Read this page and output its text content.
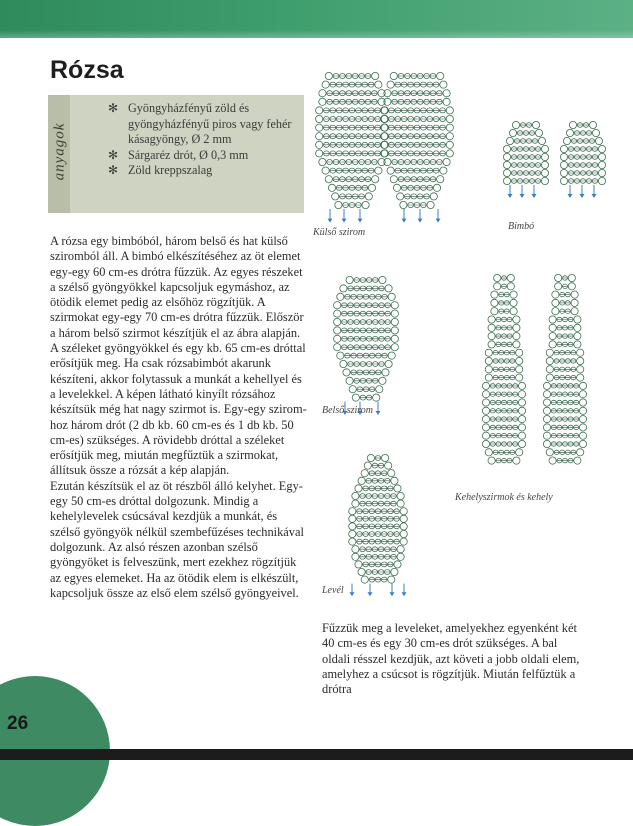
Rózsa
anyagok
✻ Gyöngyházfényű zöld és gyöngyházfényű piros vagy fehér kásagyöngy, Ø 2 mm
✻ Sárgaréz drót, Ø 0,3 mm
✻ Zöld kreppszalag

A rózsa egy bimbóból, három belső és hat külső sziromból áll. A bimbó elkészítéséhez az öt elemet egy-egy 60 cm-es drótra fűzzük. Az egyes részeket a szélső gyöngyökkel kapcsoljuk egymáshoz, az ötödik elemet pedig az elsőhöz rögzítjük. A szirmokat egy-egy 70 cm-es drótra fűzzük. Először a három belső szirmot készítjük el az ábra alapján. A széleket gyöngyökkel és egy kb. 65 cm-es dróttal erősítjük meg. Ha csak rózsabimbót akarunk készíteni, akkor folytassuk a munkát a kehellyel és a levelekkel. A képen látható kinyílt rózsához készítsük még hat nagy szirmot is. Egy-egy sziromhoz három drót (2 db kb. 60 cm-es és 1 db kb. 50 cm-es) szükséges. A rövidebb dróttal a széleket erősítjük meg, miután megfűztük a szirmokat, állítsuk össze a rózsát a kép alapján.

Ezután készítsük el az öt részből álló kelyhet. Egy-egy 50 cm-es dróttal dolgozunk. Mindig a kehelylevelek csúcsával kezdjük a munkát, és szélső gyöngyök nélkül szembefűzéses technikával dolgozunk. Az alsó részen azonban szélső gyöngyöket is felveszünk, mert ezekhez rögzítjük az egyes elemeket. Ha az ötödik elem is elkészült, kapcsoljuk össze az első elem szélső gyöngyeivel.

Külső szirom
Bimbó
Belső szirom
Kehelyszirmok és kehely
Levél

Fűzzük meg a leveleket, amelyekhez egyenként két 40 cm-es és egy 30 cm-es drót szükséges. A bal oldali résszel kezdjük, azt követi a jobb oldali elem, amelyhez a csúcsot is rögzítjük. Miután felfűztük a drótra

26
